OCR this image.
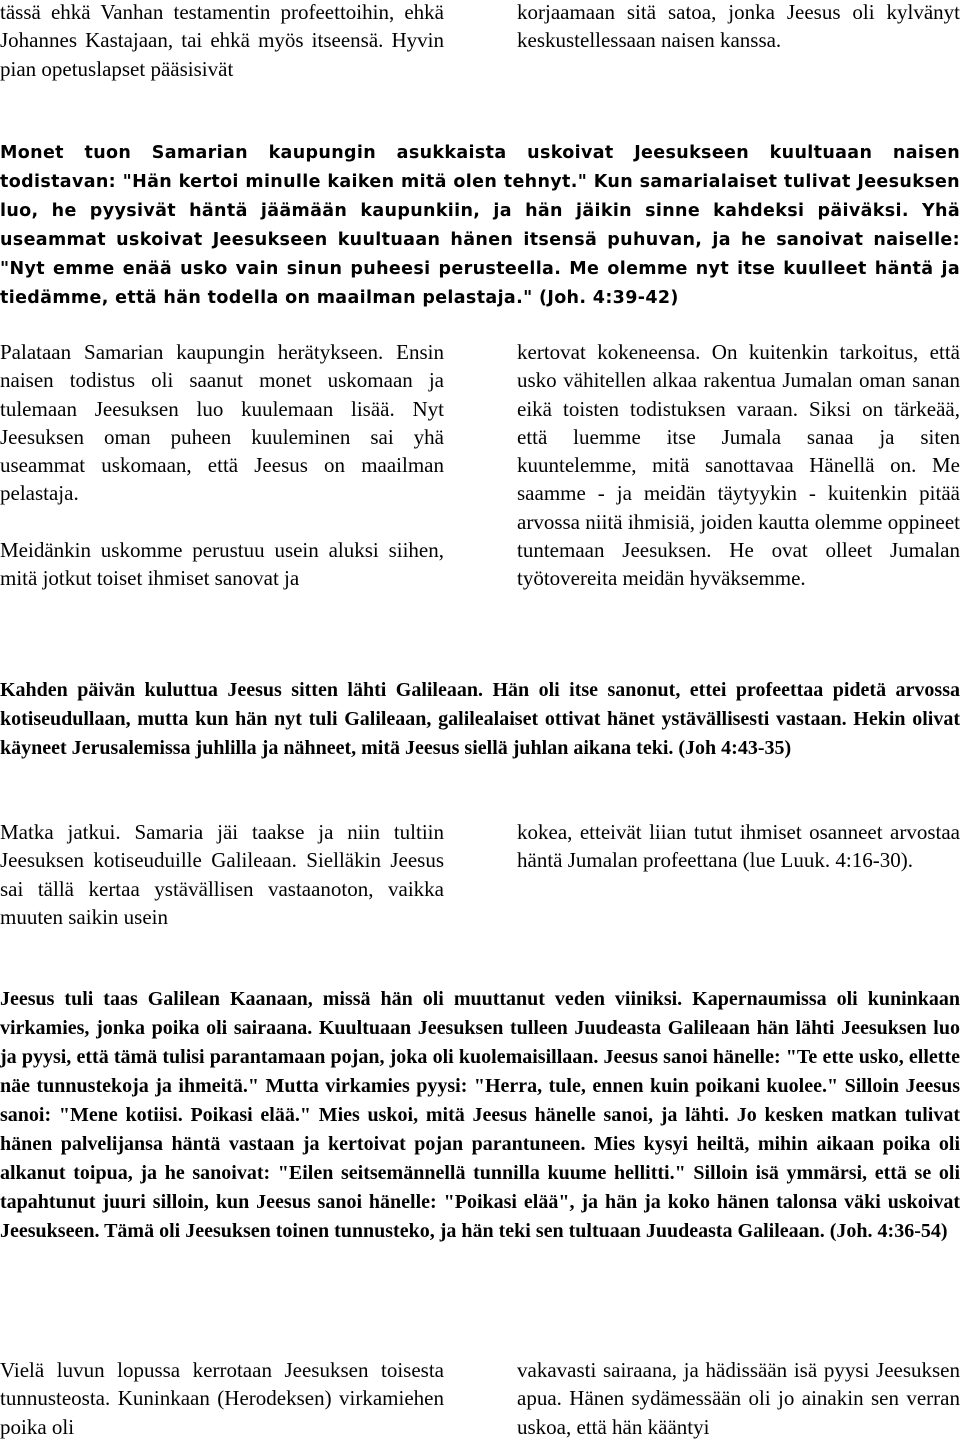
tässä ehkä Vanhan testamentin profeettoihin, ehkä Johannes Kastajaan, tai ehkä myös itseensä. Hyvin pian opetuslapset pääsisivät

korjaamaan sitä satoa, jonka Jeesus oli kylvänyt keskustellessaan naisen kanssa.

Monet tuon Samarian kaupungin asukkaista uskoivat Jeesukseen kuultuaan naisen todistavan: "Hän kertoi minulle kaiken mitä olen tehnyt." Kun samarialaiset tulivat Jeesuksen luo, he pyysivät häntä jäämään kaupunkiin, ja hän jäikin sinne kahdeksi päiväksi. Yhä useammat uskoivat Jeesukseen kuultuaan hänen itsensä puhuvan, ja he sanoivat naiselle: "Nyt emme enää usko vain sinun puheesi perusteella. Me olemme nyt itse kuulleet häntä ja tiedämme, että hän todella on maailman pelastaja." (Joh. 4:39-42)

Palataan Samarian kaupungin herätykseen. Ensin naisen todistus oli saanut monet uskomaan ja tulemaan Jeesuksen luo kuulemaan lisää. Nyt Jeesuksen oman puheen kuuleminen sai yhä useammat uskomaan, että Jeesus on maailman pelastaja.

Meidänkin uskomme perustuu usein aluksi siihen, mitä jotkut toiset ihmiset sanovat ja

kertovat kokeneensa. On kuitenkin tarkoitus, että usko vähitellen alkaa rakentua Jumalan oman sanan eikä toisten todistuksen varaan. Siksi on tärkeää, että luemme itse Jumala sanaa ja siten kuuntelemme, mitä sanottavaa Hänellä on. Me saamme - ja meidän täytyykin - kuitenkin pitää arvossa niitä ihmisiä, joiden kautta olemme oppineet tuntemaan Jeesuksen. He ovat olleet Jumalan työtovereita meidän hyväksemme.

Kahden päivän kuluttua Jeesus sitten lähti Galileaan. Hän oli itse sanonut, ettei profeettaa pidetä arvossa kotiseudullaan, mutta kun hän nyt tuli Galileaan, galilealaiset ottivat hänet ystävällisesti vastaan. Hekin olivat käyneet Jerusalemissa juhlilla ja nähneet, mitä Jeesus siellä juhlan aikana teki. (Joh 4:43-35)

Matka jatkui. Samaria jäi taakse ja niin tultiin Jeesuksen kotiseuduille Galileaan. Sielläkin Jeesus sai tällä kertaa ystävällisen vastaanoton, vaikka muuten saikin usein

kokea, etteivät liian tutut ihmiset osanneet arvostaa häntä Jumalan profeettana (lue Luuk. 4:16-30).

Jeesus tuli taas Galilean Kaanaan, missä hän oli muuttanut veden viiniksi. Kapernaumissa oli kuninkaan virkamies, jonka poika oli sairaana. Kuultuaan Jeesuksen tulleen Juudeasta Galileaan hän lähti Jeesuksen luo ja pyysi, että tämä tulisi parantamaan pojan, joka oli kuolemaisillaan. Jeesus sanoi hänelle: "Te ette usko, ellette näe tunnustekoja ja ihmeitä." Mutta virkamies pyysi: "Herra, tule, ennen kuin poikani kuolee." Silloin Jeesus sanoi: "Mene kotiisi. Poikasi elää." Mies uskoi, mitä Jeesus hänelle sanoi, ja lähti. Jo kesken matkan tulivat hänen palvelijansa häntä vastaan ja kertoivat pojan parantuneen. Mies kysyi heiltä, mihin aikaan poika oli alkanut toipua, ja he sanoivat: "Eilen seitsemännellä tunnilla kuume hellitti." Silloin isä ymmärsi, että se oli tapahtunut juuri silloin, kun Jeesus sanoi hänelle: "Poikasi elää", ja hän ja koko hänen talonsa väki uskoivat Jeesukseen. Tämä oli Jeesuksen toinen tunnusteko, ja hän teki sen tultuaan Juudeasta Galileaan. (Joh. 4:36-54)

Vielä luvun lopussa kerrotaan Jeesuksen toisesta tunnusteosta. Kuninkaan (Herodeksen) virkamiehen poika oli

vakavasti sairaana, ja hädissään isä pyysi Jeesuksen apua. Hänen sydämessään oli jo ainakin sen verran uskoa, että hän kääntyi
